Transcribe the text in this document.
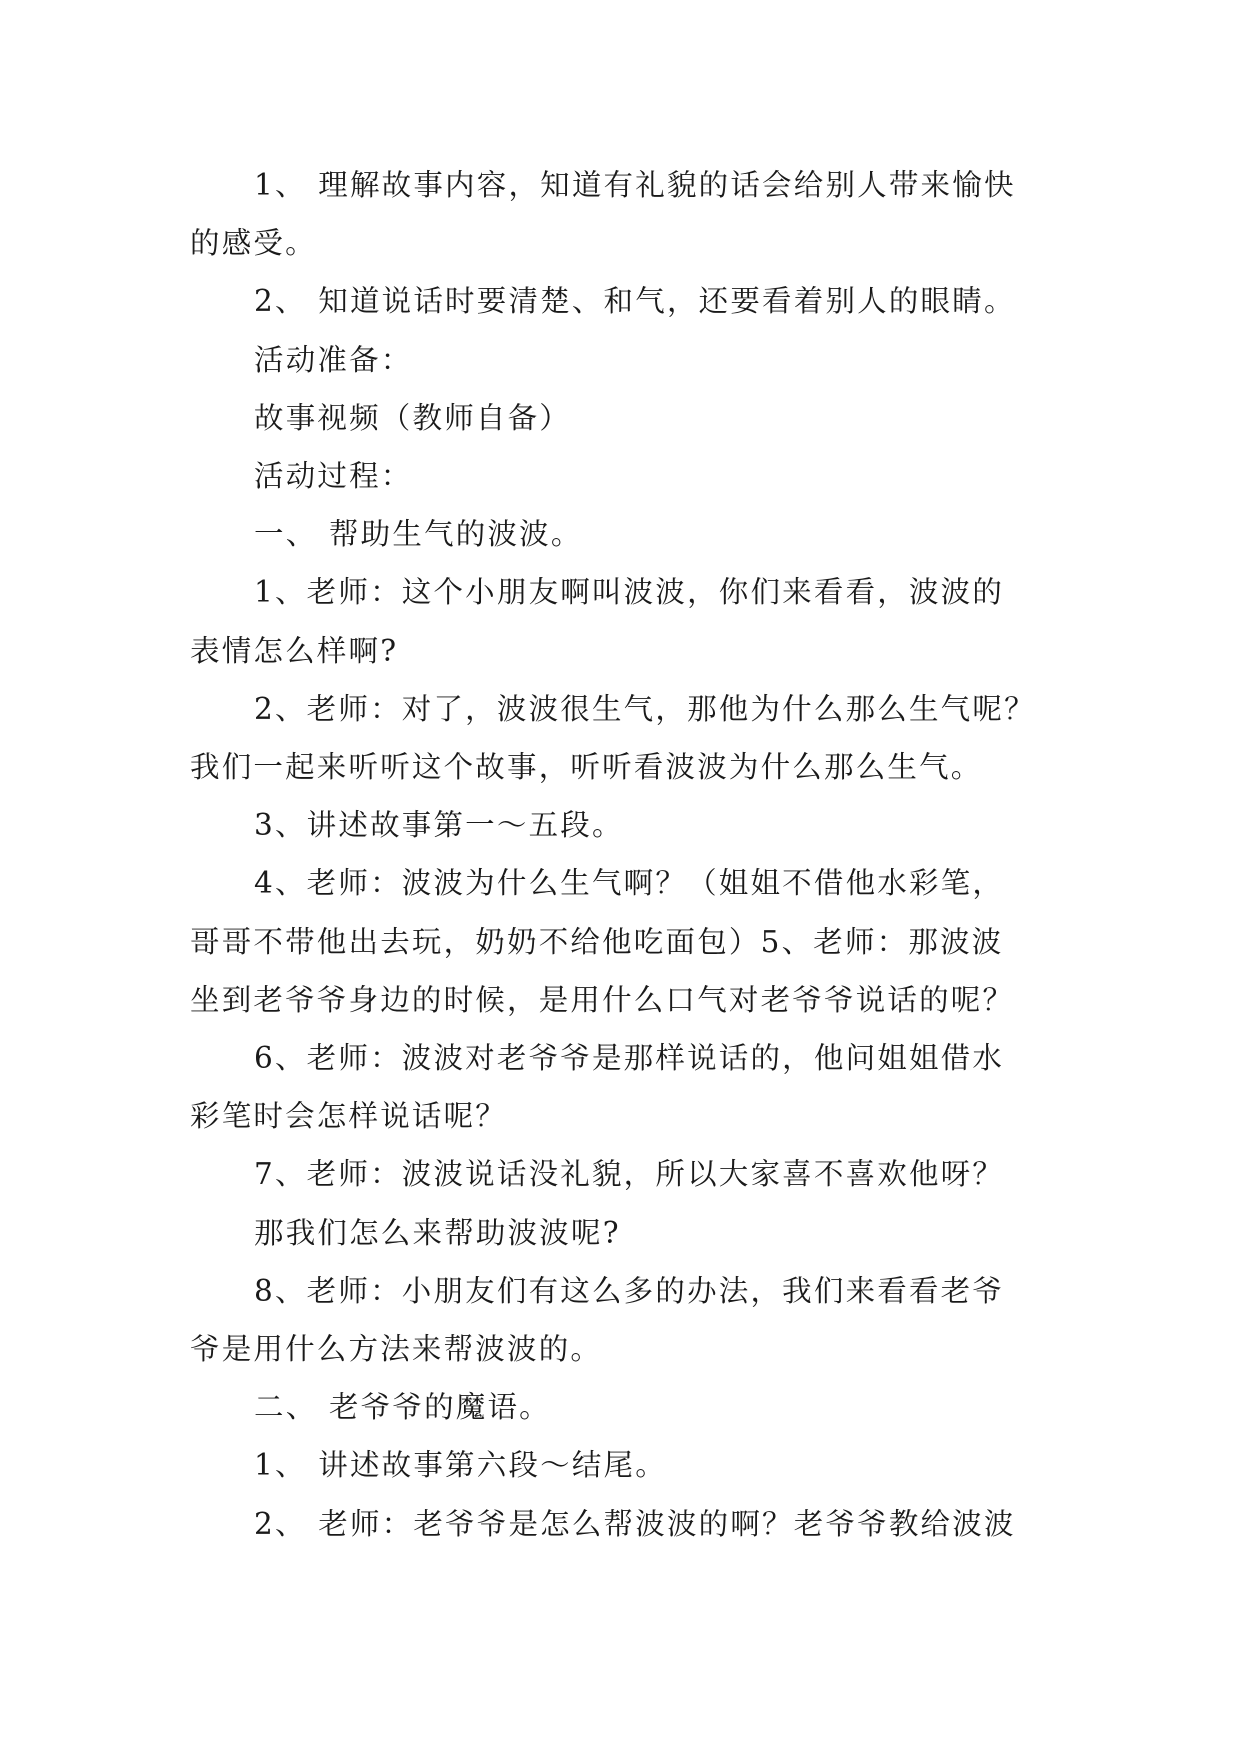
1、 理解故事内容，知道有礼貌的话会给别人带来愉快
的感受。
2、 知道说话时要清楚、和气，还要看着别人的眼睛。
活动准备：
故事视频（教师自备）
活动过程：
一、 帮助生气的波波。
1、老师：这个小朋友啊叫波波，你们来看看，波波的
表情怎么样啊?
2、老师：对了，波波很生气，那他为什么那么生气呢？
我们一起来听听这个故事，听听看波波为什么那么生气。
3、讲述故事第一～五段。
4、老师：波波为什么生气啊？（姐姐不借他水彩笔，
哥哥不带他出去玩，奶奶不给他吃面包）5、老师：那波波
坐到老爷爷身边的时候，是用什么口气对老爷爷说话的呢？
6、老师：波波对老爷爷是那样说话的，他问姐姐借水
彩笔时会怎样说话呢？
7、老师：波波说话没礼貌，所以大家喜不喜欢他呀？
那我们怎么来帮助波波呢?
8、老师：小朋友们有这么多的办法，我们来看看老爷
爷是用什么方法来帮波波的。
二、 老爷爷的魔语。
1、 讲述故事第六段～结尾。
2、 老师：老爷爷是怎么帮波波的啊？老爷爷教给波波
